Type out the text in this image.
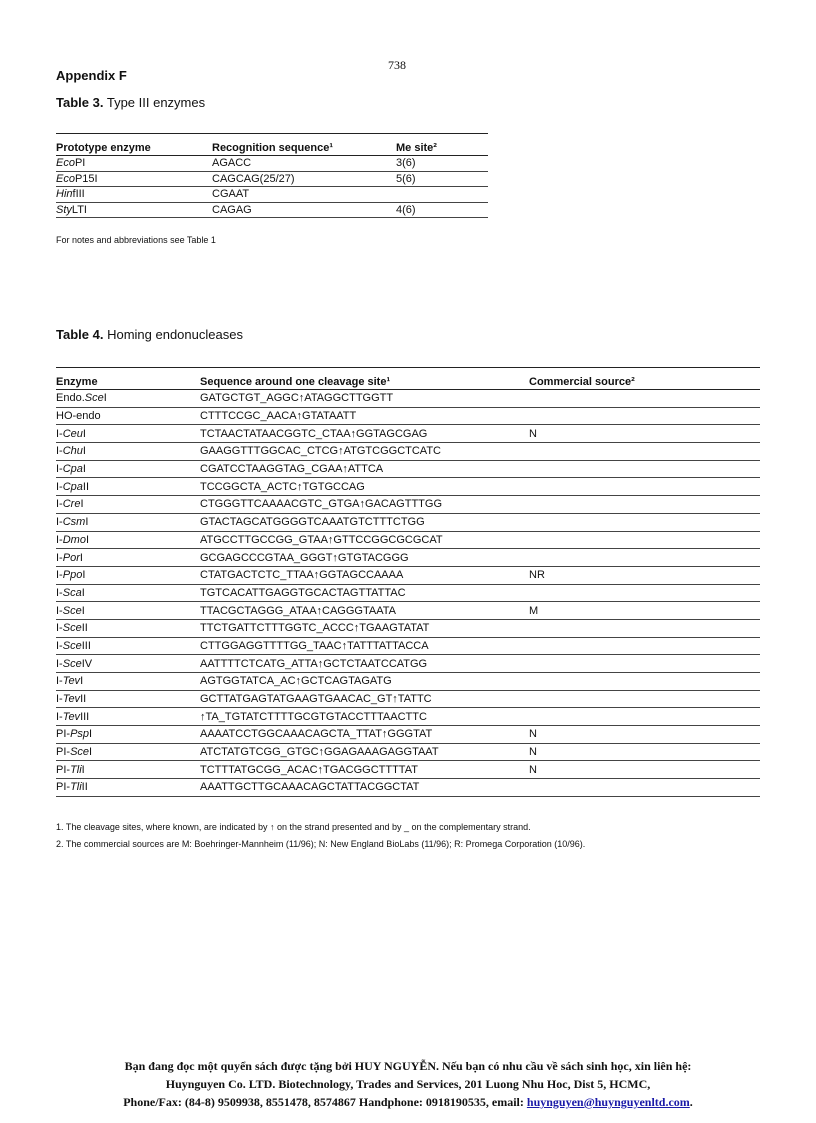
738
Appendix F
Table 3. Type III enzymes
Prototype enzyme	Recognition sequence¹	Me site²
EcoPI	AGACC	3(6)
EcoP15I	CAGCAG(25/27)	5(6)
HinfIII	CGAAT	
StyLTI	CAGAG	4(6)
For notes and abbreviations see Table 1
Table 4. Homing endonucleases
Enzyme	Sequence around one cleavage site¹	Commercial source²
Endo.SceI	GATGCTGT_AGGC↑ATAGGCTTGGTT	
HO-endo	CTTTCCGC_AACA↑GTATAATT	
I-CeuI	TCTAACTATAACGGTC_CTAA↑GGTAGCGAG	N
I-ChuI	GAAGGTTTGGCAC_CTCG↑ATGTCGGCTCATC	
I-CpaI	CGATCCTAAGGTAG_CGAA↑ATTCA	
I-CpaII	TCCGGCTA_ACTC↑TGTGCCAG	
I-CreI	CTGGGTTCAAAACGTC_GTGA↑GACAGTTTGG	
I-CsmI	GTACTAGCATGGGGTCAAATGTCTTTCTGG	
I-DmoI	ATGCCTTGCCGG_GTAA↑GTTCCGGCGCGCAT	
I-PorI	GCGAGCCCGTAA_GGGT↑GTGTACGGG	
I-PpoI	CTATGACTCTC_TTAA↑GGTAGCCAAAA	NR
I-ScaI	TGTCACATTGAGGTGCACTAGTTATTAC	
I-SceI	TTACGCTAGGG_ATAA↑CAGGGTAATA	M
I-SceII	TTCTGATTCTTTGGTC_ACCC↑TGAAGTATAT	
I-SceIII	CTTGGAGGTTTTGG_TAAC↑TATTTATTACCA	
I-SceIV	AATTTTCTCATG_ATTA↑GCTCTAATCCATGG	
I-TevI	AGTGGTATCA_AC↑GCTCAGTAGATG	
I-TevII	GCTTATGAGTATGAAGTGAACAC_GT↑TATTC	
I-TevIII	↑TA_TGTATCTTTTGCGTGTACCTTTAACTTC	
PI-PspI	AAAATCCTGGCAAACAGCTA_TTAT↑GGGTAT	N
PI-SceI	ATCTATGTCGG_GTGC↑GGAGAAAGAGGTAAT	N
PI-TliI	TCTTTATGCGG_ACAC↑TGACGGCTTTTAT	N
PI-TliII	AAATTGCTTGCAAACAGCTATTACGGCTAT	
1. The cleavage sites, where known, are indicated by ↑ on the strand presented and by _ on the complementary strand.
2. The commercial sources are M: Boehringer-Mannheim (11/96); N: New England BioLabs (11/96); R: Promega Corporation (10/96).
Bạn đang đọc một quyển sách được tặng bởi HUY NGUYỄN. Nếu bạn có nhu cầu về sách sinh học, xin liên hệ:
Huynguyen Co. LTD. Biotechnology, Trades and Services, 201 Luong Nhu Hoc, Dist 5, HCMC,
Phone/Fax: (84-8) 9509938, 8551478, 8574867 Handphone: 0918190535, email: huynguyen@huynguyenltd.com.
